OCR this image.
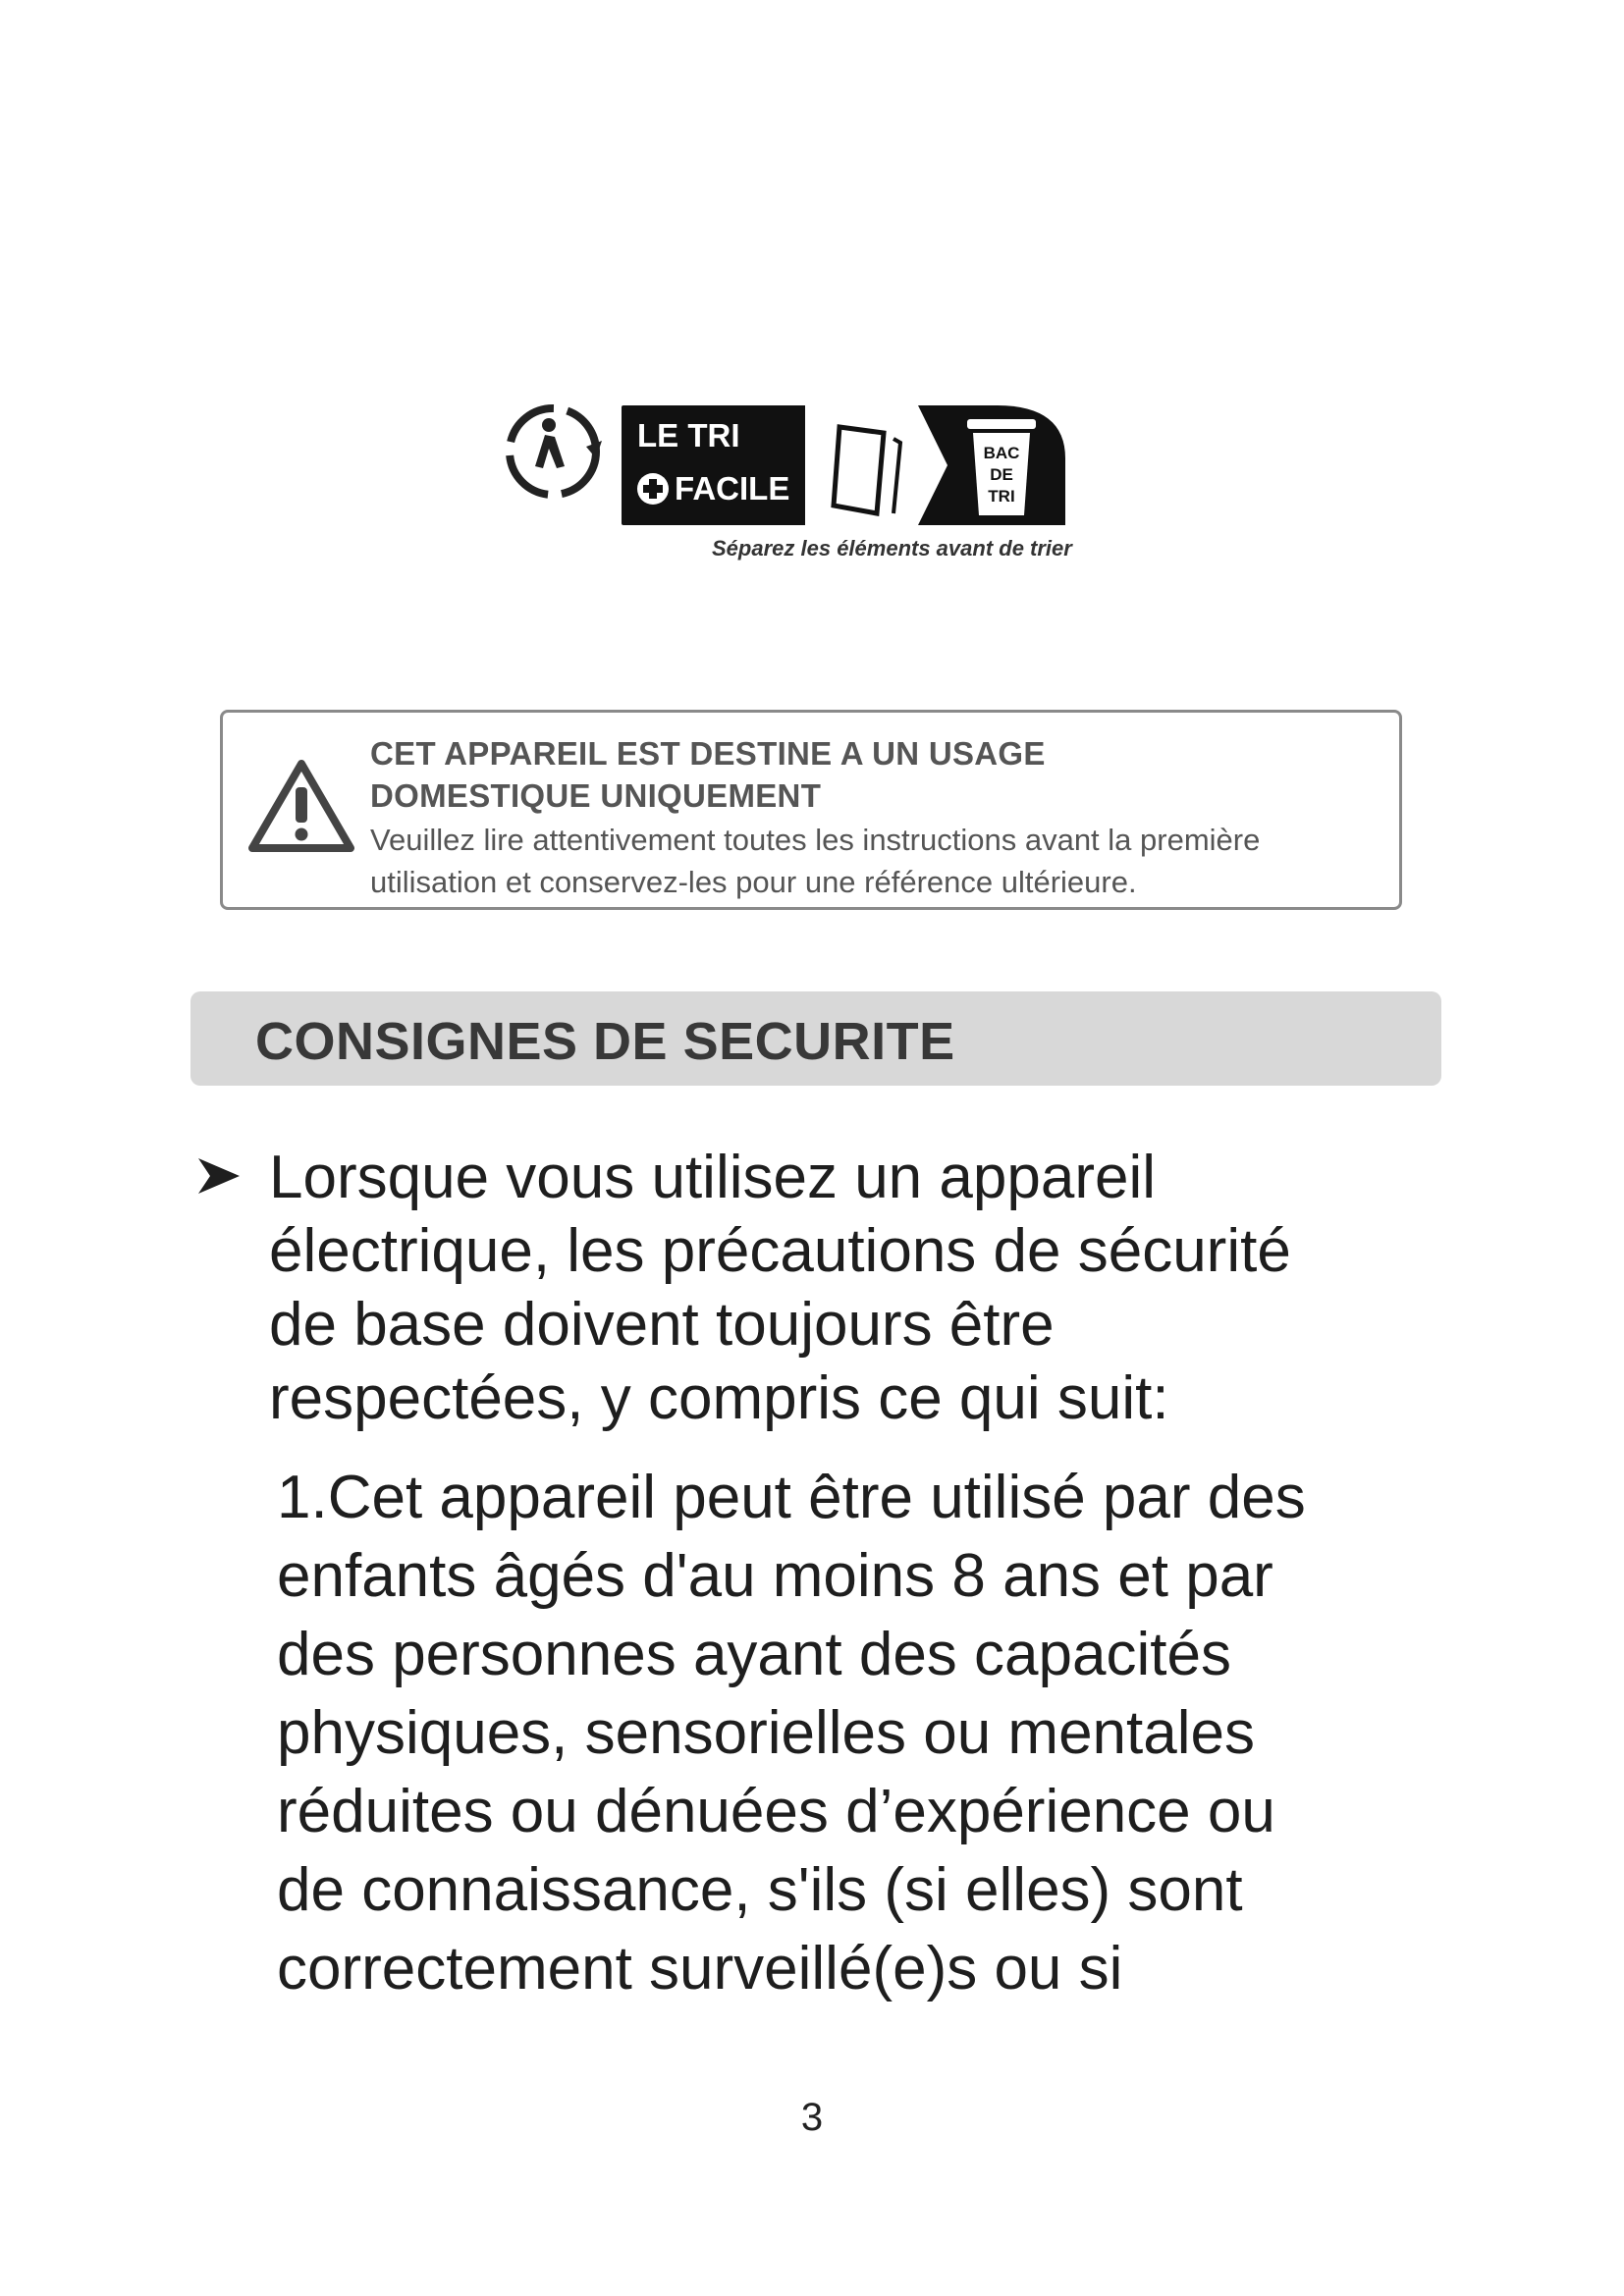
LE TRI
FACILE
BAC
DE
TRI
Séparez les éléments avant de trier
CET APPAREIL EST DESTINE A UN USAGE
DOMESTIQUE UNIQUEMENT
Veuillez lire attentivement toutes les instructions avant la première
utilisation et conservez-les pour une référence ultérieure.
CONSIGNES DE SECURITE
Lorsque vous utilisez un appareil
électrique, les précautions de sécurité
de base doivent toujours être
respectées, y compris ce qui suit:
1.Cet appareil peut être utilisé par des
enfants âgés d'au moins 8 ans et par
des personnes ayant des capacités
physiques, sensorielles ou mentales
réduites ou dénuées d’expérience ou
de connaissance, s'ils (si elles) sont
correctement surveillé(e)s ou si
3
